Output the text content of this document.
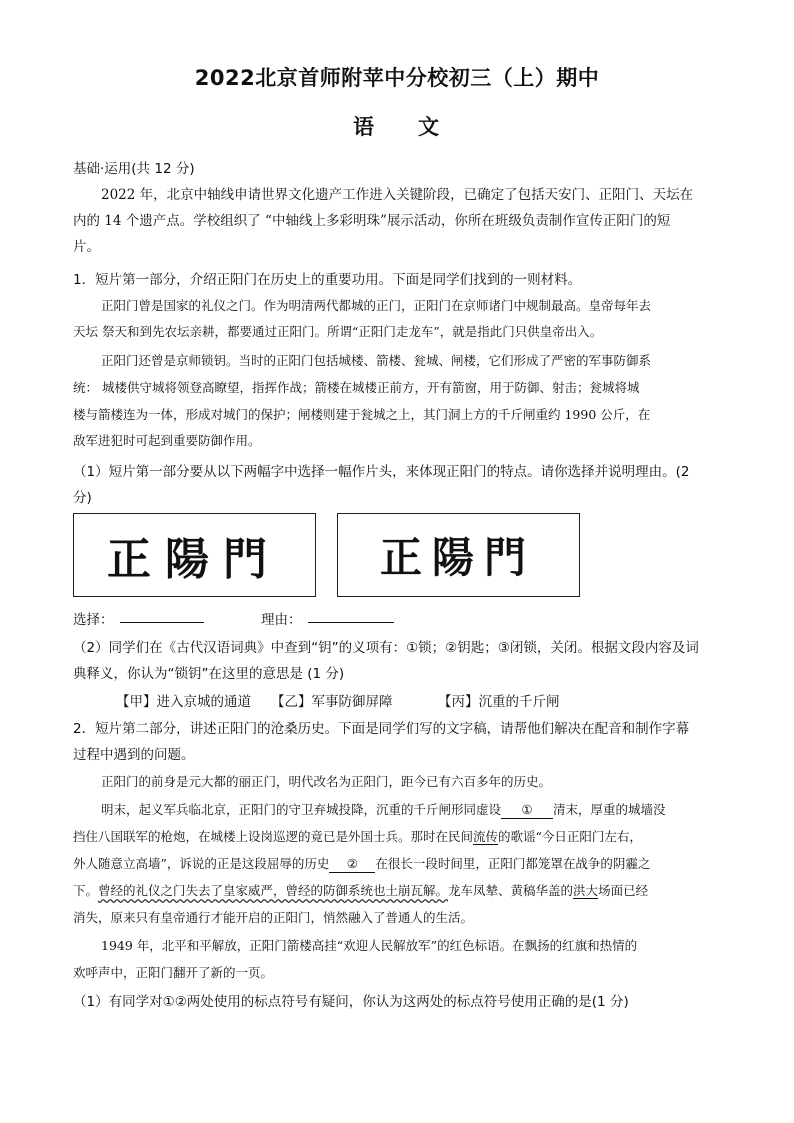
2022北京首师附苹中分校初三（上）期中
语 文
基础·运用(共 12 分)
2022 年，北京中轴线申请世界文化遗产工作进入关键阶段，已确定了包括天安门、正阳门、天坛在
内的 14 个遗产点。学校组织了 “中轴线上多彩明珠”展示活动，你所在班级负责制作宣传正阳门的短
片。
1．短片第一部分，介绍正阳门在历史上的重要功用。下面是同学们找到的一则材料。
正阳门曾是国家的礼仪之门。作为明清两代都城的正门，正阳门在京师诸门中规制最高。皇帝每年去
天坛 祭天和到先农坛亲耕，都要通过正阳门。所谓“正阳门走龙车”，就是指此门只供皇帝出入。
正阳门还曾是京师锁钥。当时的正阳门包括城楼、箭楼、瓮城、闸楼，它们形成了严密的军事防御系
统： 城楼供守城将领登高瞭望，指挥作战；箭楼在城楼正前方，开有箭窗，用于防御、射击；瓮城将城
楼与箭楼连为一体，形成对城门的保护；闸楼则建于瓮城之上，其门洞上方的千斤闸重约 1990 公斤，在
敌军进犯时可起到重要防御作用。
（1）短片第一部分要从以下两幅字中选择一幅作片头，来体现正阳门的特点。请你选择并说明理由。(2
分)
正陽門 正陽門
选择：	理由：
（2）同学们在《古代汉语词典》中查到“钥”的义项有：①锁；②钥匙；③闭锁，关闭。根据文段内容及词
典释义，你认为“锁钥”在这里的意思是 (1 分)
【甲】进入京城的通道 【乙】军事防御屏障	【丙】沉重的千斤闸
2．短片第二部分，讲述正阳门的沧桑历史。下面是同学们写的文字稿，请帮他们解决在配音和制作字幕
过程中遇到的问题。
正阳门的前身是元大都的丽正门，明代改名为正阳门，距今已有六百多年的历史。
明末，起义军兵临北京，正阳门的守卫弃城投降，沉重的千斤闸形同虚设 ① 清末，厚重的城墙没
挡住八国联军的枪炮，在城楼上设岗巡逻的竟已是外国士兵。那时在民间流传的歌谣“今日正阳门左右，
外人随意立高墙”，诉说的正是这段屈辱的历史 ② 在很长一段时间里，正阳门都笼罩在战争的阴霾之
下。曾经的礼仪之门失去了皇家威严，曾经的防御系统也土崩瓦解。龙车凤辇、黄稿华盖的洪大场面已经
消失，原来只有皇帝通行才能开启的正阳门，悄然融入了普通人的生活。
1949 年，北平和平解放，正阳门箭楼高挂“欢迎人民解放军”的红色标语。在飘扬的红旗和热情的
欢呼声中，正阳门翻开了新的一页。
（1）有同学对①②两处使用的标点符号有疑问，你认为这两处的标点符号使用正确的是(1 分)
